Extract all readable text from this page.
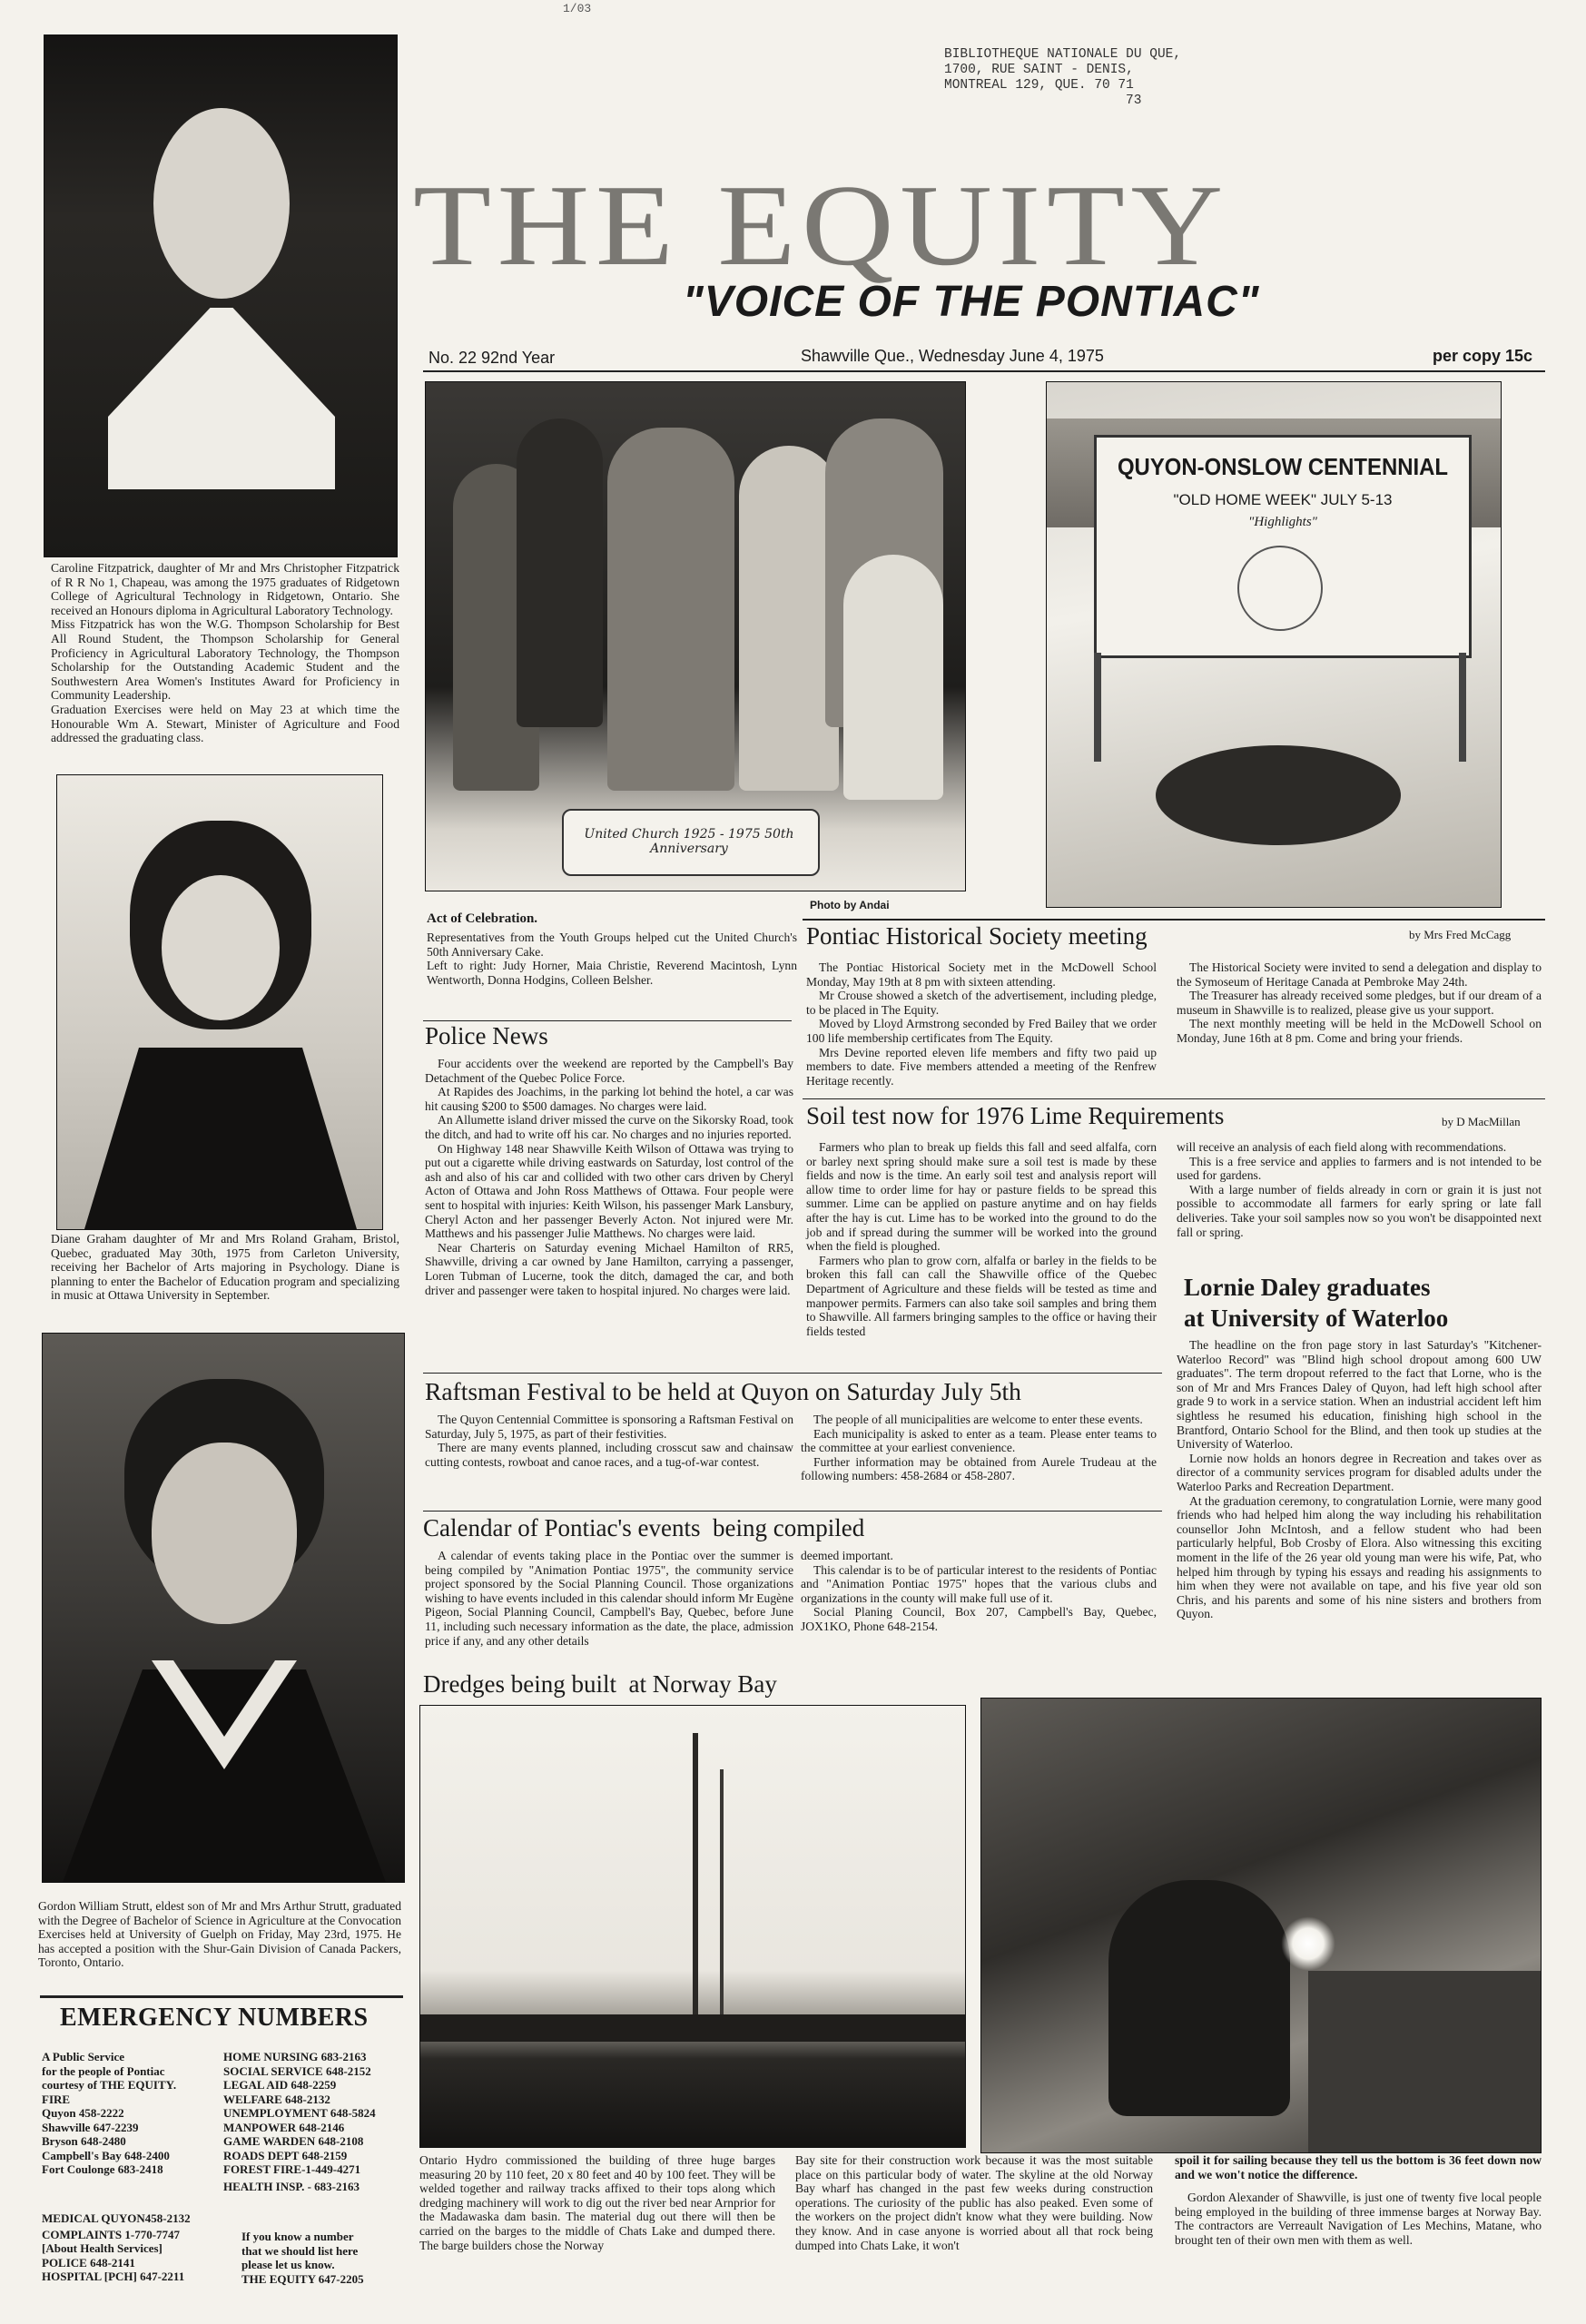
1/03
BIBLIOTHEQUE NATIONALE DU QUE,
1700, RUE SAINT - DENIS,
MONTREAL 129, QUE. 70 71
73
Caroline Fitzpatrick, daughter of Mr and Mrs Christopher Fitzpatrick of R R No 1, Chapeau, was among the 1975 graduates of Ridgetown College of Agricultural Technology in Ridgetown, Ontario. She received an Honours diploma in Agricultural Laboratory Technology.
Miss Fitzpatrick has won the W.G. Thompson Scholarship for Best All Round Student, the Thompson Scholarship for General Proficiency in Agricultural Laboratory Technology, the Thompson Scholarship for the Outstanding Academic Student and the Southwestern Area Women's Institutes Award for Proficiency in Community Leadership.
Graduation Exercises were held on May 23 at which time the Honourable Wm A. Stewart, Minister of Agriculture and Food addressed the graduating class.
Diane Graham daughter of Mr and Mrs Roland Graham, Bristol, Quebec, graduated May 30th, 1975 from Carleton University, receiving her Bachelor of Arts majoring in Psychology. Diane is planning to enter the Bachelor of Education program and specializing in music at Ottawa University in September.
Gordon William Strutt, eldest son of Mr and Mrs Arthur Strutt, graduated with the Degree of Bachelor of Science in Agriculture at the Convocation Exercises held at University of Guelph on Friday, May 23rd, 1975. He has accepted a position with the Shur-Gain Division of Canada Packers, Toronto, Ontario.
EMERGENCY NUMBERS
A Public Service
for the people of Pontiac
courtesy of THE EQUITY.
FIRE
Quyon 458-2222
Shawville 647-2239
Bryson 648-2480
Campbell's Bay 648-2400
Fort Coulonge 683-2418
HOME NURSING 683-2163
SOCIAL SERVICE 648-2152
LEGAL AID 648-2259
WELFARE 648-2132
UNEMPLOYMENT 648-5824
MANPOWER 648-2146
GAME WARDEN 648-2108
ROADS DEPT 648-2159
FOREST FIRE-1-449-4271
HEALTH INSP. - 683-2163
MEDICAL QUYON458-2132
COMPLAINTS 1-770-7747
[About Health Services]
POLICE 648-2141
HOSPITAL [PCH] 647-2211
If you know a number
that we should list here
please let us know.
THE EQUITY 647-2205
THE EQUITY
"VOICE OF THE PONTIAC"
No. 22 92nd Year	Shawville Que., Wednesday June 4, 1975	per copy 15c
United Church 1925 - 1975 50th Anniversary
Act of Celebration.
Representatives from the Youth Groups helped cut the United Church's 50th Anniversary Cake.
Left to right: Judy Horner, Maia Christie, Reverend Macintosh, Lynn Wentworth, Donna Hodgins, Colleen Belsher.
QUYON-ONSLOW CENTENNIAL
"OLD HOME WEEK" JULY 5-13
"Highlights"
Photo by Andai
Pontiac Historical Society meeting	by Mrs Fred McCagg

The Pontiac Historical Society met in the McDowell School Monday, May 19th at 8 pm with sixteen attending.

Mr Crouse showed a sketch of the advertisement, including pledge, to be placed in The Equity.

Moved by Lloyd Armstrong seconded by Fred Bailey that we order 100 life membership certificates from The Equity.

Mrs Devine reported eleven life members and fifty two paid up members to date. Five members attended a meeting of the Renfrew Heritage recently.

The Historical Society were invited to send a delegation and display to the Symoseum of Heritage Canada at Pembroke May 24th.

The Treasurer has already received some pledges, but if our dream of a museum in Shawville is to realized, please give us your support.

The next monthly meeting will be held in the McDowell School on Monday, June 16th at 8 pm. Come and bring your friends.

Police News

Four accidents over the weekend are reported by the Campbell's Bay Detachment of the Quebec Police Force.

At Rapides des Joachims, in the parking lot behind the hotel, a car was hit causing $200 to $500 damages. No charges were laid.

An Allumette island driver missed the curve on the Sikorsky Road, took the ditch, and had to write off his car. No charges and no injuries reported.

On Highway 148 near Shawville Keith Wilson of Ottawa was trying to put out a cigarette while driving eastwards on Saturday, lost control of the ash and also of his car and collided with two other cars driven by Cheryl Acton of Ottawa and John Ross Matthews of Ottawa. Four people were sent to hospital with injuries: Keith Wilson, his passenger Mark Lansbury, Cheryl Acton and her passenger Beverly Acton. Not injured were Mr. Matthews and his passenger Julie Matthews. No charges were laid.

Near Charteris on Saturday evening Michael Hamilton of RR5, Shawville, driving a car owned by Jane Hamilton, carrying a passenger, Loren Tubman of Lucerne, took the ditch, damaged the car, and both driver and passenger were taken to hospital injured. No charges were laid.

Soil test now for 1976 Lime Requirements	by D MacMillan

Farmers who plan to break up fields this fall and seed alfalfa, corn or barley next spring should make sure a soil test is made by these fields and now is the time. An early soil test and analysis report will allow time to order lime for hay or pasture fields to be spread this summer. Lime can be applied on pasture anytime and on hay fields after the hay is cut. Lime has to be worked into the ground to do the job and if spread during the summer will be worked into the ground when the field is ploughed.

Farmers who plan to grow corn, alfalfa or barley in the fields to be broken this fall can call the Shawville office of the Quebec Department of Agriculture and these fields will be tested as time and manpower permits. Farmers can also take soil samples and bring them to Shawville. All farmers bringing samples to the office or having their fields tested

will receive an analysis of each field along with recommendations.

This is a free service and applies to farmers and is not intended to be used for gardens.

With a large number of fields already in corn or grain it is just not possible to accommodate all farmers for early spring or late fall deliveries. Take your soil samples now so you won't be disappointed next fall or spring.

Lornie Daley graduates
at University of Waterloo

The headline on the fron page story in last Saturday's "Kitchener-Waterloo Record" was "Blind high school dropout among 600 UW graduates". The term dropout referred to the fact that Lorne, who is the son of Mr and Mrs Frances Daley of Quyon, had left high school after grade 9 to work in a service station. When an industrial accident left him sightless he resumed his education, finishing high school in the Brantford, Ontario School for the Blind, and then took up studies at the University of Waterloo.

Lornie now holds an honors degree in Recreation and takes over as director of a community services program for disabled adults under the Waterloo Parks and Recreation Department.

At the graduation ceremony, to congratulation Lornie, were many good friends who had helped him along the way including his rehabilitation counsellor John McIntosh, and a fellow student who had been particularly helpful, Bob Crosby of Elora. Also witnessing this exciting moment in the life of the 26 year old young man were his wife, Pat, who helped him through by typing his essays and reading his assignments to him when they were not available on tape, and his five year old son Chris, and his parents and some of his nine sisters and brothers from Quyon.

Raftsman Festival to be held at Quyon on Saturday July 5th

The Quyon Centennial Committee is sponsoring a Raftsman Festival on Saturday, July 5, 1975, as part of their festivities.

There are many events planned, including crosscut saw and chainsaw cutting contests, rowboat and canoe races, and a tug-of-war contest.

The people of all municipalities are welcome to enter these events.

Each municipality is asked to enter as a team. Please enter teams to the committee at your earliest convenience.

Further information may be obtained from Aurele Trudeau at the following numbers: 458-2684 or 458-2807.

Calendar of Pontiac's events  being compiled

A calendar of events taking place in the Pontiac over the summer is being compiled by "Animation Pontiac 1975", the community service project sponsored by the Social Planning Council. Those organizations wishing to have events included in this calendar should inform Mr Eugène Pigeon, Social Planning Council, Campbell's Bay, Quebec, before June 11, including such necessary information as the date, the place, admission price if any, and any other details

deemed important.

This calendar is to be of particular interest to the residents of Pontiac and "Animation Pontiac 1975" hopes that the various clubs and organizations in the county will make full use of it.

Social Planing Council, Box 207, Campbell's Bay, Quebec, JOX1KO, Phone 648-2154.

Dredges being built  at Norway Bay

Ontario Hydro commissioned the building of three huge barges measuring 20 by 110 feet, 20 x 80 feet and 40 by 100 feet. They will be welded together and railway tracks affixed to their tops along which dredging machinery will work to dig out the river bed near Arnprior for the Madawaska dam basin. The material dug out there will then be carried on the barges to the middle of Chats Lake and dumped there. The barge builders chose the Norway

Bay site for their construction work because it was the most suitable place on this particular body of water. The skyline at the old Norway Bay wharf has changed in the past few weeks during construction operations. The curiosity of the public has also peaked. Even some of the workers on the project didn't know what they were building. Now they know. And in case anyone is worried about all that rock being dumped into Chats Lake, it won't

spoil it for sailing because they tell us the bottom is 36 feet down now and we won't notice the difference.

Gordon Alexander of Shawville, is just one of twenty five local people being employed in the building of three immense barges at Norway Bay. The contractors are Verreault Navigation of Les Mechins, Matane, who brought ten of their own men with them as well.
